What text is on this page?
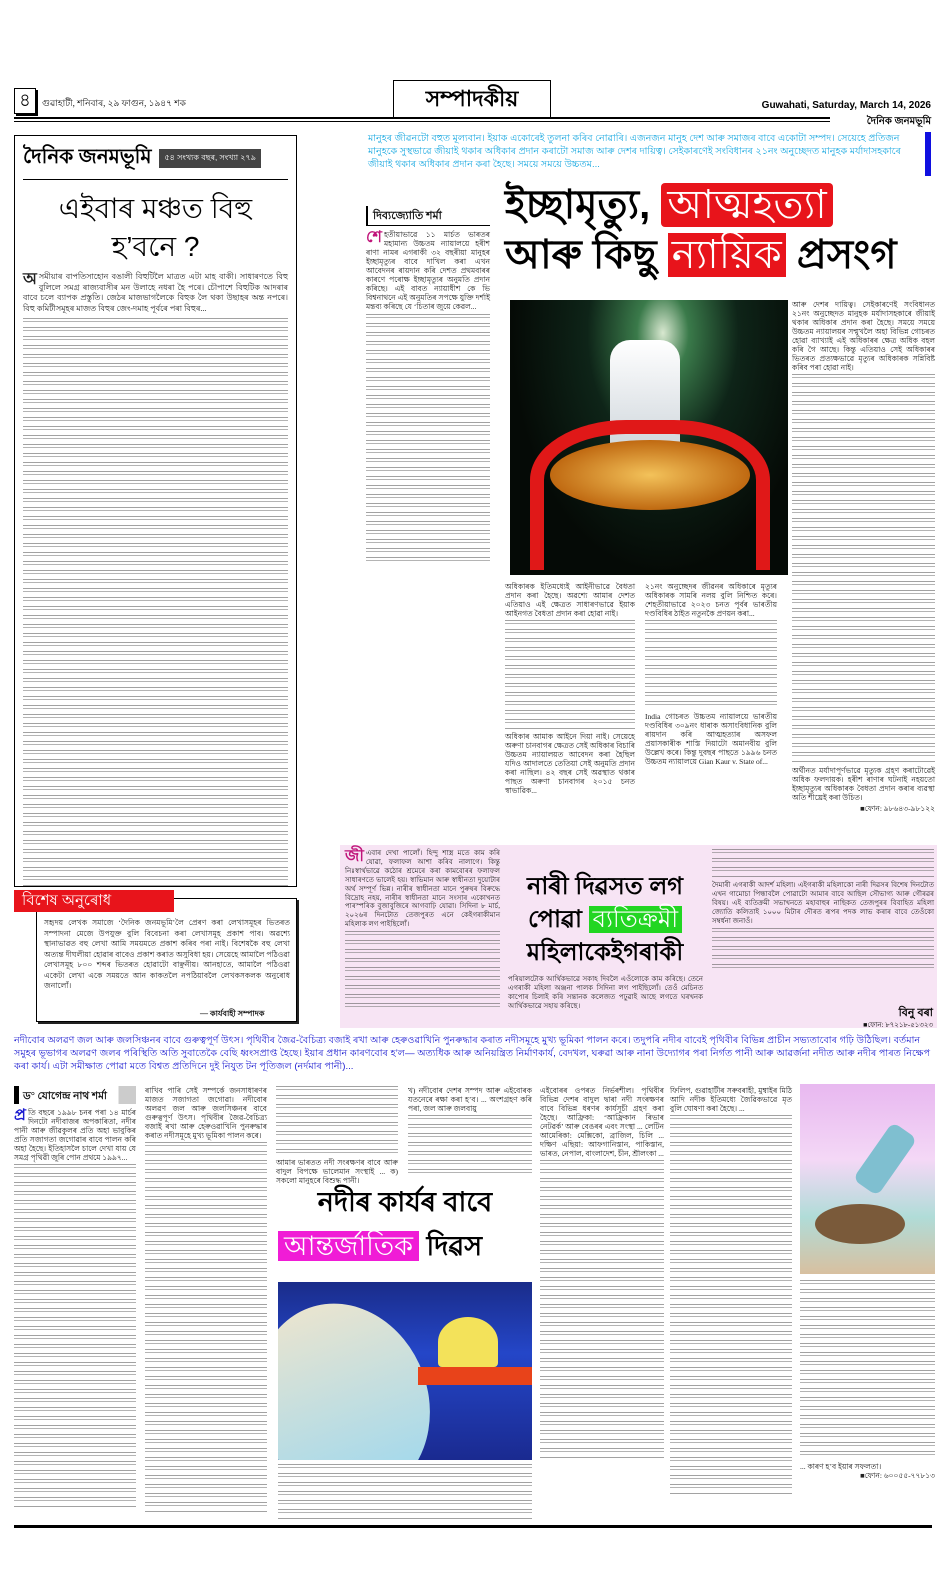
৪	গুৱাহাটী, শনিবাৰ, ২৯ ফাগুন, ১৯৪৭ শক	সম্পাদকীয়	Guwahati, Saturday, March 14, 2026
দৈনিক জনমভূমি
মানুহৰ জীৱনটো বহুত মূল্যবান। ইয়াক একোৰেই তুলনা কৰিব নোৱাৰি। এজনজন মানুহ দেশ আৰু সমাজৰ বাবে একোটা সম্পদ। সেয়েহে প্ৰতিজন মানুহকে সুস্থভাৱে জীয়াই থকাৰ অধিকাৰ প্ৰদান কৰাটো সমাজ আৰু দেশৰ দায়িত্ব। সেইকাৰণেই সংবিধানৰ ২১নং অনুচ্ছেদত মানুহক মৰ্যাদাসহকাৰে জীয়াই থকাৰ অধিকাৰ প্ৰদান কৰা হৈছে। সময়ে সময়ে উচ্চতম...
দৈনিক জনমভূমি	৫৪ সংখ্যক বছৰ, সংখ্যা ২৭৯
এইবাৰ মঞ্চত বিহু
হ’বনে ?
অসমীয়াৰ বাপতিসাহোন বঙালী বিহুটিলৈ মাত্ৰত এটা মাহ বাকী। সাধাৰণতে বিহু বুলিলে সমগ্ৰ ৰাজ্যবাসীৰ মন উলাহে নধৰা হৈ পৰে। চৌপাশে বিহুটিক আদৰাৰ বাবে চলে ব্যাপক প্ৰস্তুতি। জেঠৰ মাজভাগলৈকে বিহুক লৈ থকা উছাহৰ অন্ত নপৰে। বিহু কমিটীসমূহৰ মাজত বিহুৰ জেং-দমাহ পূৰ্বৰে পৰা বিহুৰ...
বিশেষ অনুৰোধ
সহৃদয় লেখক সমাজে ‘দৈনিক জনমভূমি’লৈ প্ৰেৰণ কৰা লেখাসমূহৰ ভিতৰত সম্পাদনা মেজে উপযুক্ত বুলি বিবেচনা কৰা লেখাসমূহ প্ৰকাশ পাব। অৱশ্যে স্থানাভাৱত বহু লেখা আমি সময়মতে প্ৰকাশ কৰিব পৰা নাই। বিশেষকৈ বহু লেখা অত্যন্ত দীঘলীয়া হোৱাৰ বাবেও প্ৰকাশ কৰাত অসুবিধা হয়। সেয়েহে আমালৈ পঠিওৱা লেখাসমূহ ৮০০ শব্দৰ ভিতৰত হোৱাটো বাঞ্ছনীয়। আনহাতে, আমালৈ পঠিওৱা একেটা লেখা একে সময়তে আন কাকতলৈ নপঠিয়াবলৈ লেখকসকলক অনুৰোধ জনালোঁ।
— কাৰ্যবাহী সম্পাদক
দিব্যজ্যোতি শৰ্মা
শেহতীয়াভাৱে ১১ মাৰ্চত ভাৰতৰ মহামান্য উচ্চতম ন্যায়ালয়ে হৰীশ ৰাণা নামৰ এগৰাকী ৩২ বছৰীয়া মানুহৰ ইচ্ছামৃত্যুৰ বাবে দাখিল কৰা এখন আবেদনৰ ৰায়দান কৰি দেশত প্ৰথমবাৰৰ কাৰণে পৰোক্ষ ইচ্ছামৃত্যুৰ অনুমতি প্ৰদান কৰিছে। এই বাবত ন্যায়াধীশ কে ভি বিশ্বনাথনে এই অনুমতিৰ সপক্ষে যুক্তি দৰ্শাই মন্তব্য কৰিছে যে ‘চিতাৰ জুয়ে কেৱল...
ইচ্ছামৃত্যু, আত্মহত্যা
আৰু কিছু ন্যায়িক প্ৰসংগ
অধিকাৰক ইতিমধ্যেই আইনীভাৱে বৈধতা প্ৰদান কৰা হৈছে। অৱশ্যে আমাৰ দেশত এতিয়াও এই ক্ষেত্ৰত সাধাৰণভাৱে ইয়াক আইনগত বৈধতা প্ৰদান কৰা হোৱা নাই।
অধিকাৰ আমাক আইনে দিয়া নাই। সেয়েহে অৰুণা চানবাগৰ ক্ষেত্ৰত সেই অধিকাৰ বিচাৰি উচ্চতম ন্যায়ালয়ত আবেদন কৰা হৈছিল যদিও আদালতে তেতিয়া সেই অনুমতি প্ৰদান কৰা নাছিল। ৪২ বছৰ সেই অৱস্থাত থকাৰ পাছত অৰুণা চানবাগৰ ২০১৫ চনত স্বাভাৱিক...
২১নং অনুচ্ছেদৰ জীৱনৰ অধিকাৰে মৃত্যুৰ অধিকাৰক সামৰি নলয় বুলি নিশ্চিত কৰে। শেহতীয়াভাৱে ২০২৩ চনত পূৰ্বৰ ভাৰতীয় দণ্ডবিধিৰ ঠাইত নতুনকৈ প্ৰণয়ন কৰা...
India গোচৰত উচ্চতম ন্যায়ালয়ে ভাৰতীয় দণ্ডবিধিৰ ৩০৯নং ধাৰাক অসাংবিধানিক বুলি ৰায়দান কৰি আত্মহত্যাৰ অসফল প্ৰয়াসকাৰীক শাস্তি দিয়াটো অমানবীয় বুলি উল্লেখ কৰে। কিন্তু দুবছৰ পাছতে ১৯৯৬ চনত উচ্চতম ন্যায়ালয়ে Gian Kaur v. State of...
আৰু দেশৰ দায়িত্ব। সেইকাৰণেই সংবিধানত ২১নং অনুচ্ছেদত মানুহক মৰ্যাদাসহকাৰে জীয়াই থকাৰ অধিকাৰ প্ৰদান কৰা হৈছে। সময়ে সময়ে উচ্চতম ন্যায়ালয়ৰ সন্মুখলৈ অহা বিভিন্ন গোচৰত হোৱা ব্যাখ্যাই এই অধিকাৰৰ ক্ষেত্ৰ অধিক বহল কৰি গৈ আছে। কিন্তু এতিয়াও সেই অধিকাৰৰ ভিতৰত প্ৰত্যক্ষভাৱে মৃত্যুৰ অধিকাৰক সন্নিবিষ্ট কৰিব পৰা হোৱা নাই।
অৰ্থীনত মৰ্যাদাপূৰ্ণভাৱে মৃত্যুক গ্ৰহণ কৰাটোৱেই অধিক ফলদায়ক। হৰীশ ৰাণাৰ ঘটনাই নহয়তো ইচ্ছামৃত্যুৰ অধিকাৰক বৈধতা প্ৰদান কৰাৰ ব্যৱস্থা অতি শীঘ্ৰেই কৰা উচিত।
■ফোন: ৯৮৬৪৩-৯৮১২২
জীএবাৰ দেখা পালোঁ। হিন্দু শাস্ত্ৰ মতে কাম কৰি যোৱা, ফলাফল আশা কৰিব নালাগে। কিন্তু নিঃস্বাৰ্থভাৱে কঠোৰ শ্ৰমেৰে কৰা কামবোৰৰ ফলাফল সাধাৰণতে ভালেই হয়। স্বাভিমান আৰু স্বাধীনতা দুয়োটাৰ অৰ্থ সম্পূৰ্ণ ভিন্ন। নাৰীৰ স্বাধীনতা মানে পুৰুষৰ বিৰুদ্ধে বিদ্ৰোহ নহয়, নাৰীৰ স্বাধীনতা মানে সংসাৰ একোখনত পাৰস্পৰিক বুজাবুজিৰে আগবাঢ়ি যোৱা। সিদিনা ৮ মাৰ্চ, ২০২৬ৰ দিনটোত তেজপুৰত এনে কেইগৰাকীমান মহিলাক লগ পাইছিলোঁ।
নাৰী দিৱসত লগ
পোৱা ব্যতিক্ৰমী
মহিলাকেইগৰাকী
পৰিয়ালটোক আৰ্থিকভাৱে সকাহ দিবলৈ এওঁলোকে কাম কৰিছে। তেনে এগৰাকী মহিলা অঞ্জনা পালক সিদিনা লগ পাইছিলোঁ। তেওঁ মেচিনত কাপোৰ চিলাই কৰি সন্তানক কলেজত পঢ়ুৱাই আছে লগতে ঘৰখনক আৰ্থিকভাৱে সহায় কৰিছে।
দৈমাৰী এগৰাকী আদৰ্শ মহিলা। এইগৰাকী মহিলাকো নাৰী দিৱসৰ বিশেষ দিনটোত এখন গামোচা পিন্ধাবলৈ পোৱাটো আমাৰ বাবে আছিল সৌভাগ্য আৰু গৌৰৱৰ বিষয়। এই ব্যতিক্ৰমী সভাখনতে মহাবাহুৰ নাছিকত তেজপুৰৰ বিবাহিত মহিলা জ্যোতি কলিতাই ১০০০ মিটাৰ দৌৰত ৰূপৰ পদক লাভ কৰাৰ বাবে তেওঁকো সম্বৰ্ধনা জনাওঁ।
বিনু বৰা
■ফোন: ৮৭২১৮-৫১৩২৩
নদীবোৰ অলৱণ জল আৰু জলসিঞ্চনৰ বাবে গুৰুত্বপূৰ্ণ উৎস। পৃথিবীৰ জৈৱ-বৈচিত্ৰ্য বজাই ৰখা আৰু হেৰুওৱাখিনি পুনৰুদ্ধাৰ কৰাত নদীসমূহে মুখ্য ভূমিকা পালন কৰে। তদুপৰি নদীৰ বাবেই পৃথিবীৰ বিভিন্ন প্ৰাচীন সভ্যতাবোৰ গঢ়ি উঠিছিল। বৰ্তমান সমুহৰ ভূভাগৰ অলৱণ জলৰ পৰিস্থিতি অতি সুবাতেকৈ বেছি ধ্বংসপ্ৰাপ্ত হৈছে। ইয়াৰ প্ৰধান কাৰণবোৰ হ’ল— অত্যধিক আৰু অনিয়ন্ত্ৰিত নিৰ্মাণকাৰ্য, বেদখল, ঘৰুৱা আৰু নানা উদ্যোগৰ পৰা নিৰ্গত পানী আৰু আৱৰ্জনা নদীত আৰু নদীৰ পাৰত নিক্ষেপ কৰা কাৰ্য। এটা সমীক্ষাত পোৱা মতে বিশ্বত প্ৰতিদিনে দুই নিযুত টন পূতিজল (নৰ্দমাৰ পানী)...
ড° যোগেন্দ্ৰ নাথ শৰ্মা
প্ৰ তি বছৰে ১৯৯৮ চনৰ পৰা ১৪ মাৰ্চৰ দিনটো নদীবাজৰ অপকাৰিতা, নদীৰ পানী আৰু জীৱকুলৰ প্ৰতি অহা ভাবুকিৰ প্ৰতি সজাগতা জগোৱাৰ বাবে পালন কৰি অহা হৈছে। ইতিহাসলৈ চালে দেখা যায় যে সমগ্ৰ পৃথিৱী জুৰি পোন প্ৰথমে ১৯৯৭...
ৰাখিব পাৰি সেই সম্পৰ্কে জনসাধাৰণৰ মাজত সজাগতা জগোৱা। নদীবোৰ অলৱণ জল আৰু জলসিঞ্চনৰ বাবে গুৰুত্বপূৰ্ণ উৎস। পৃথিবীৰ জৈৱ-বৈচিত্ৰ্য বজাই ৰখা আৰু হেৰুওৱাখিনি পুনৰুদ্ধাৰ কৰাত নদীসমূহে মুখ্য ভূমিকা পালন কৰে।
আমাৰ ভাৰতত নদী সংৰক্ষণৰ বাবে আৰু বাদুল বিপক্ষে ভালেমান সংস্থাই ... ক) সকলো মানুহৰে বিশুদ্ধ পানী।
খ) নদীবোৰ দেশৰ সম্পদ আৰু এইবোৰক যতনেৰে ৰক্ষা কৰা হ’ব। ... অংশগ্ৰহণ কৰি পৰা, জল আৰু জলবায়ু
নদীৰ কাৰ্যৰ বাবে
আন্তৰ্জাতিক দিৱস
এইবোৰৰ ওপৰত নিৰ্ভৰশীল। পৃথিবীৰ বিভিন্ন দেশৰ বাদুল দ্বাৰা নদী সংৰক্ষণৰ বাবে বিভিন্ন ধৰণৰ কাৰ্যসূচী গ্ৰহণ কৰা হৈছে। আফ্ৰিকা: ‘আফ্ৰিকান ৰিভাৰ নেটৱৰ্ক’ আৰু বেঙৰৰ এবং সংস্থা ... লেটিন আমেৰিকা: মেক্সিকো, ব্ৰাজিল, চিলি ... দক্ষিণ এছিয়া: আফগানিস্তান, পাকিস্তান, ভাৰত, নেপাল, বাংলাদেশ, চীন, শ্ৰীলংকা ...
ফিলিপ, গুৱাহাটীৰ সৰুবৰাহী, মুম্বাইৰ মিঠি আদি নদীক ইতিমধ্যে জৈৱিকভাৱে মৃত বুলি ঘোষণা কৰা হৈছে। ...
... কাৰণ হ’ব ইয়াৰ সফলতা।
■ফোন: ৬০০৫৫-৭৭৮১৩
